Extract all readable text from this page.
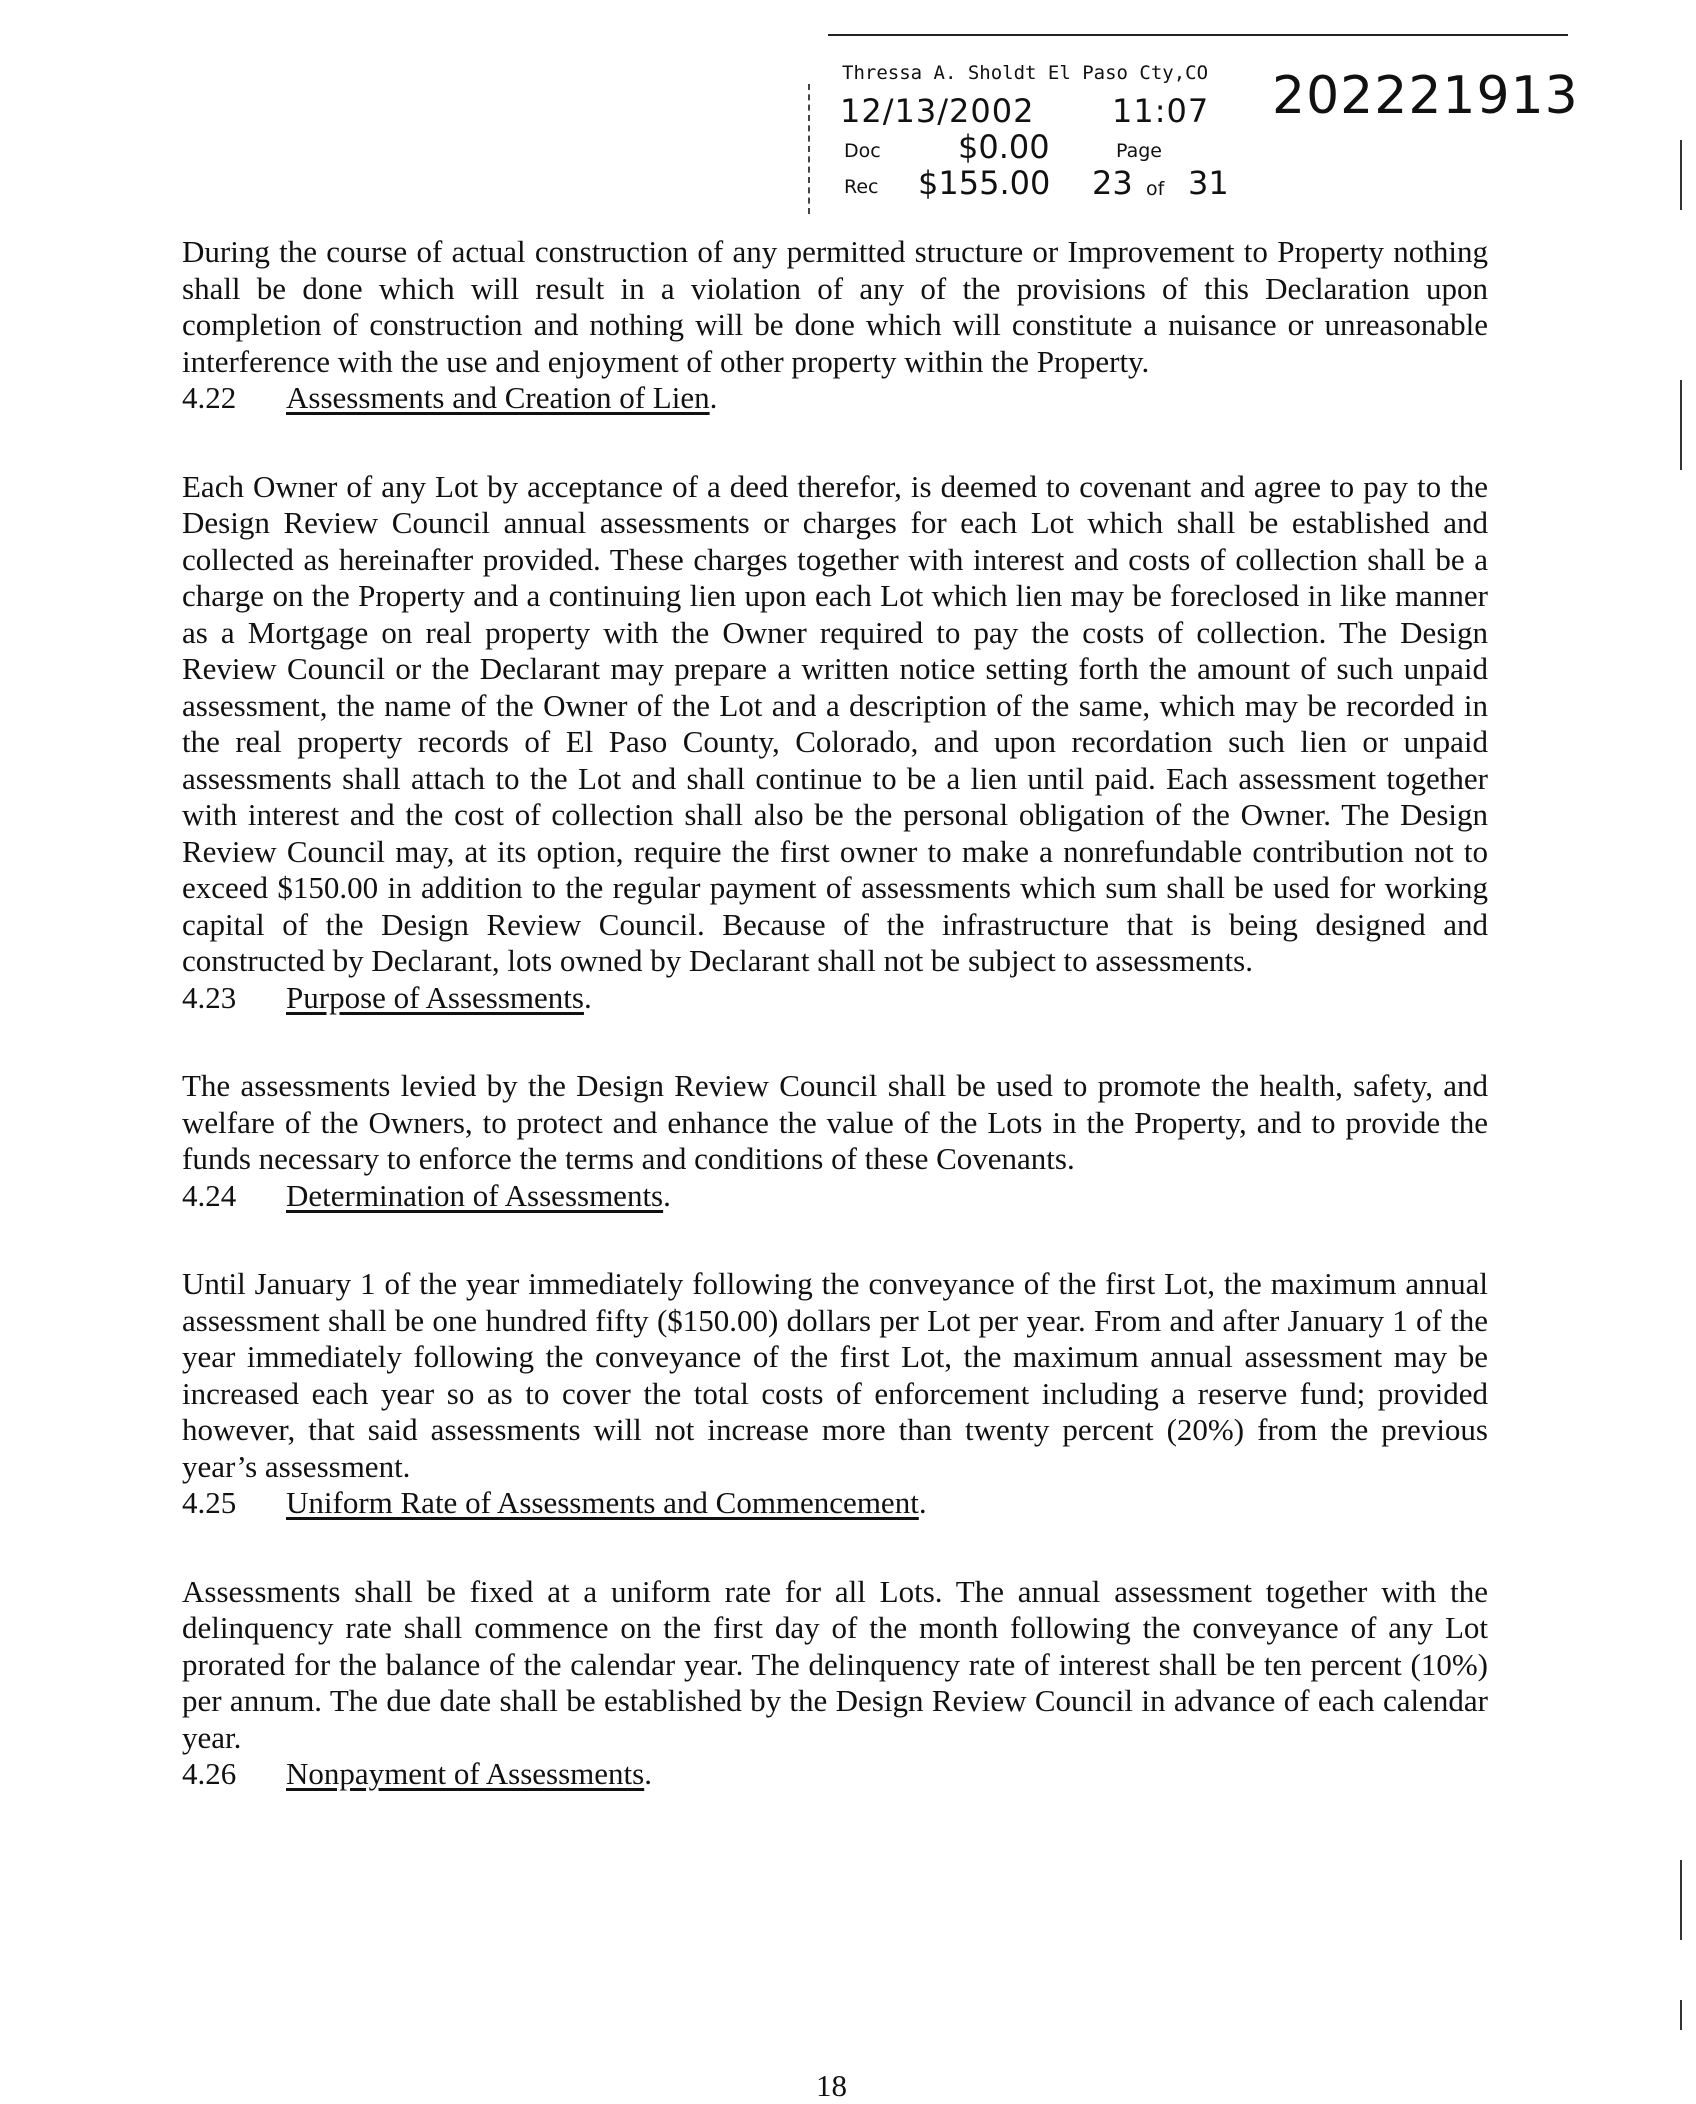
Thressa A. Sholdt El Paso Cty,CO
12/13/2002 11:07 202221913
Doc $0.00	Page
Rec $155.00 23 of 31

During the course of actual construction of any permitted structure or Improvement to Property nothing shall be done which will result in a violation of any of the provisions of this Declaration upon completion of construction and nothing will be done which will constitute a nuisance or unreasonable interference with the use and enjoyment of other property within the Property.

4.22 Assessments and Creation of Lien.

Each Owner of any Lot by acceptance of a deed therefor, is deemed to covenant and agree to pay to the Design Review Council annual assessments or charges for each Lot which shall be established and collected as hereinafter provided. These charges together with interest and costs of collection shall be a charge on the Property and a continuing lien upon each Lot which lien may be foreclosed in like manner as a Mortgage on real property with the Owner required to pay the costs of collection. The Design Review Council or the Declarant may prepare a written notice setting forth the amount of such unpaid assessment, the name of the Owner of the Lot and a description of the same, which may be recorded in the real property records of El Paso County, Colorado, and upon recordation such lien or unpaid assessments shall attach to the Lot and shall continue to be a lien until paid. Each assessment together with interest and the cost of collection shall also be the personal obligation of the Owner. The Design Review Council may, at its option, require the first owner to make a nonrefundable contribution not to exceed $150.00 in addition to the regular payment of assessments which sum shall be used for working capital of the Design Review Council. Because of the infrastructure that is being designed and constructed by Declarant, lots owned by Declarant shall not be subject to assessments.

4.23 Purpose of Assessments.

The assessments levied by the Design Review Council shall be used to promote the health, safety, and welfare of the Owners, to protect and enhance the value of the Lots in the Property, and to provide the funds necessary to enforce the terms and conditions of these Covenants.

4.24 Determination of Assessments.

Until January 1 of the year immediately following the conveyance of the first Lot, the maximum annual assessment shall be one hundred fifty ($150.00) dollars per Lot per year. From and after January 1 of the year immediately following the conveyance of the first Lot, the maximum annual assessment may be increased each year so as to cover the total costs of enforcement including a reserve fund; provided however, that said assessments will not increase more than twenty percent (20%) from the previous year’s assessment.

4.25 Uniform Rate of Assessments and Commencement.

Assessments shall be fixed at a uniform rate for all Lots. The annual assessment together with the delinquency rate shall commence on the first day of the month following the conveyance of any Lot prorated for the balance of the calendar year. The delinquency rate of interest shall be ten percent (10%) per annum. The due date shall be established by the Design Review Council in advance of each calendar year.

4.26 Nonpayment of Assessments.
18
